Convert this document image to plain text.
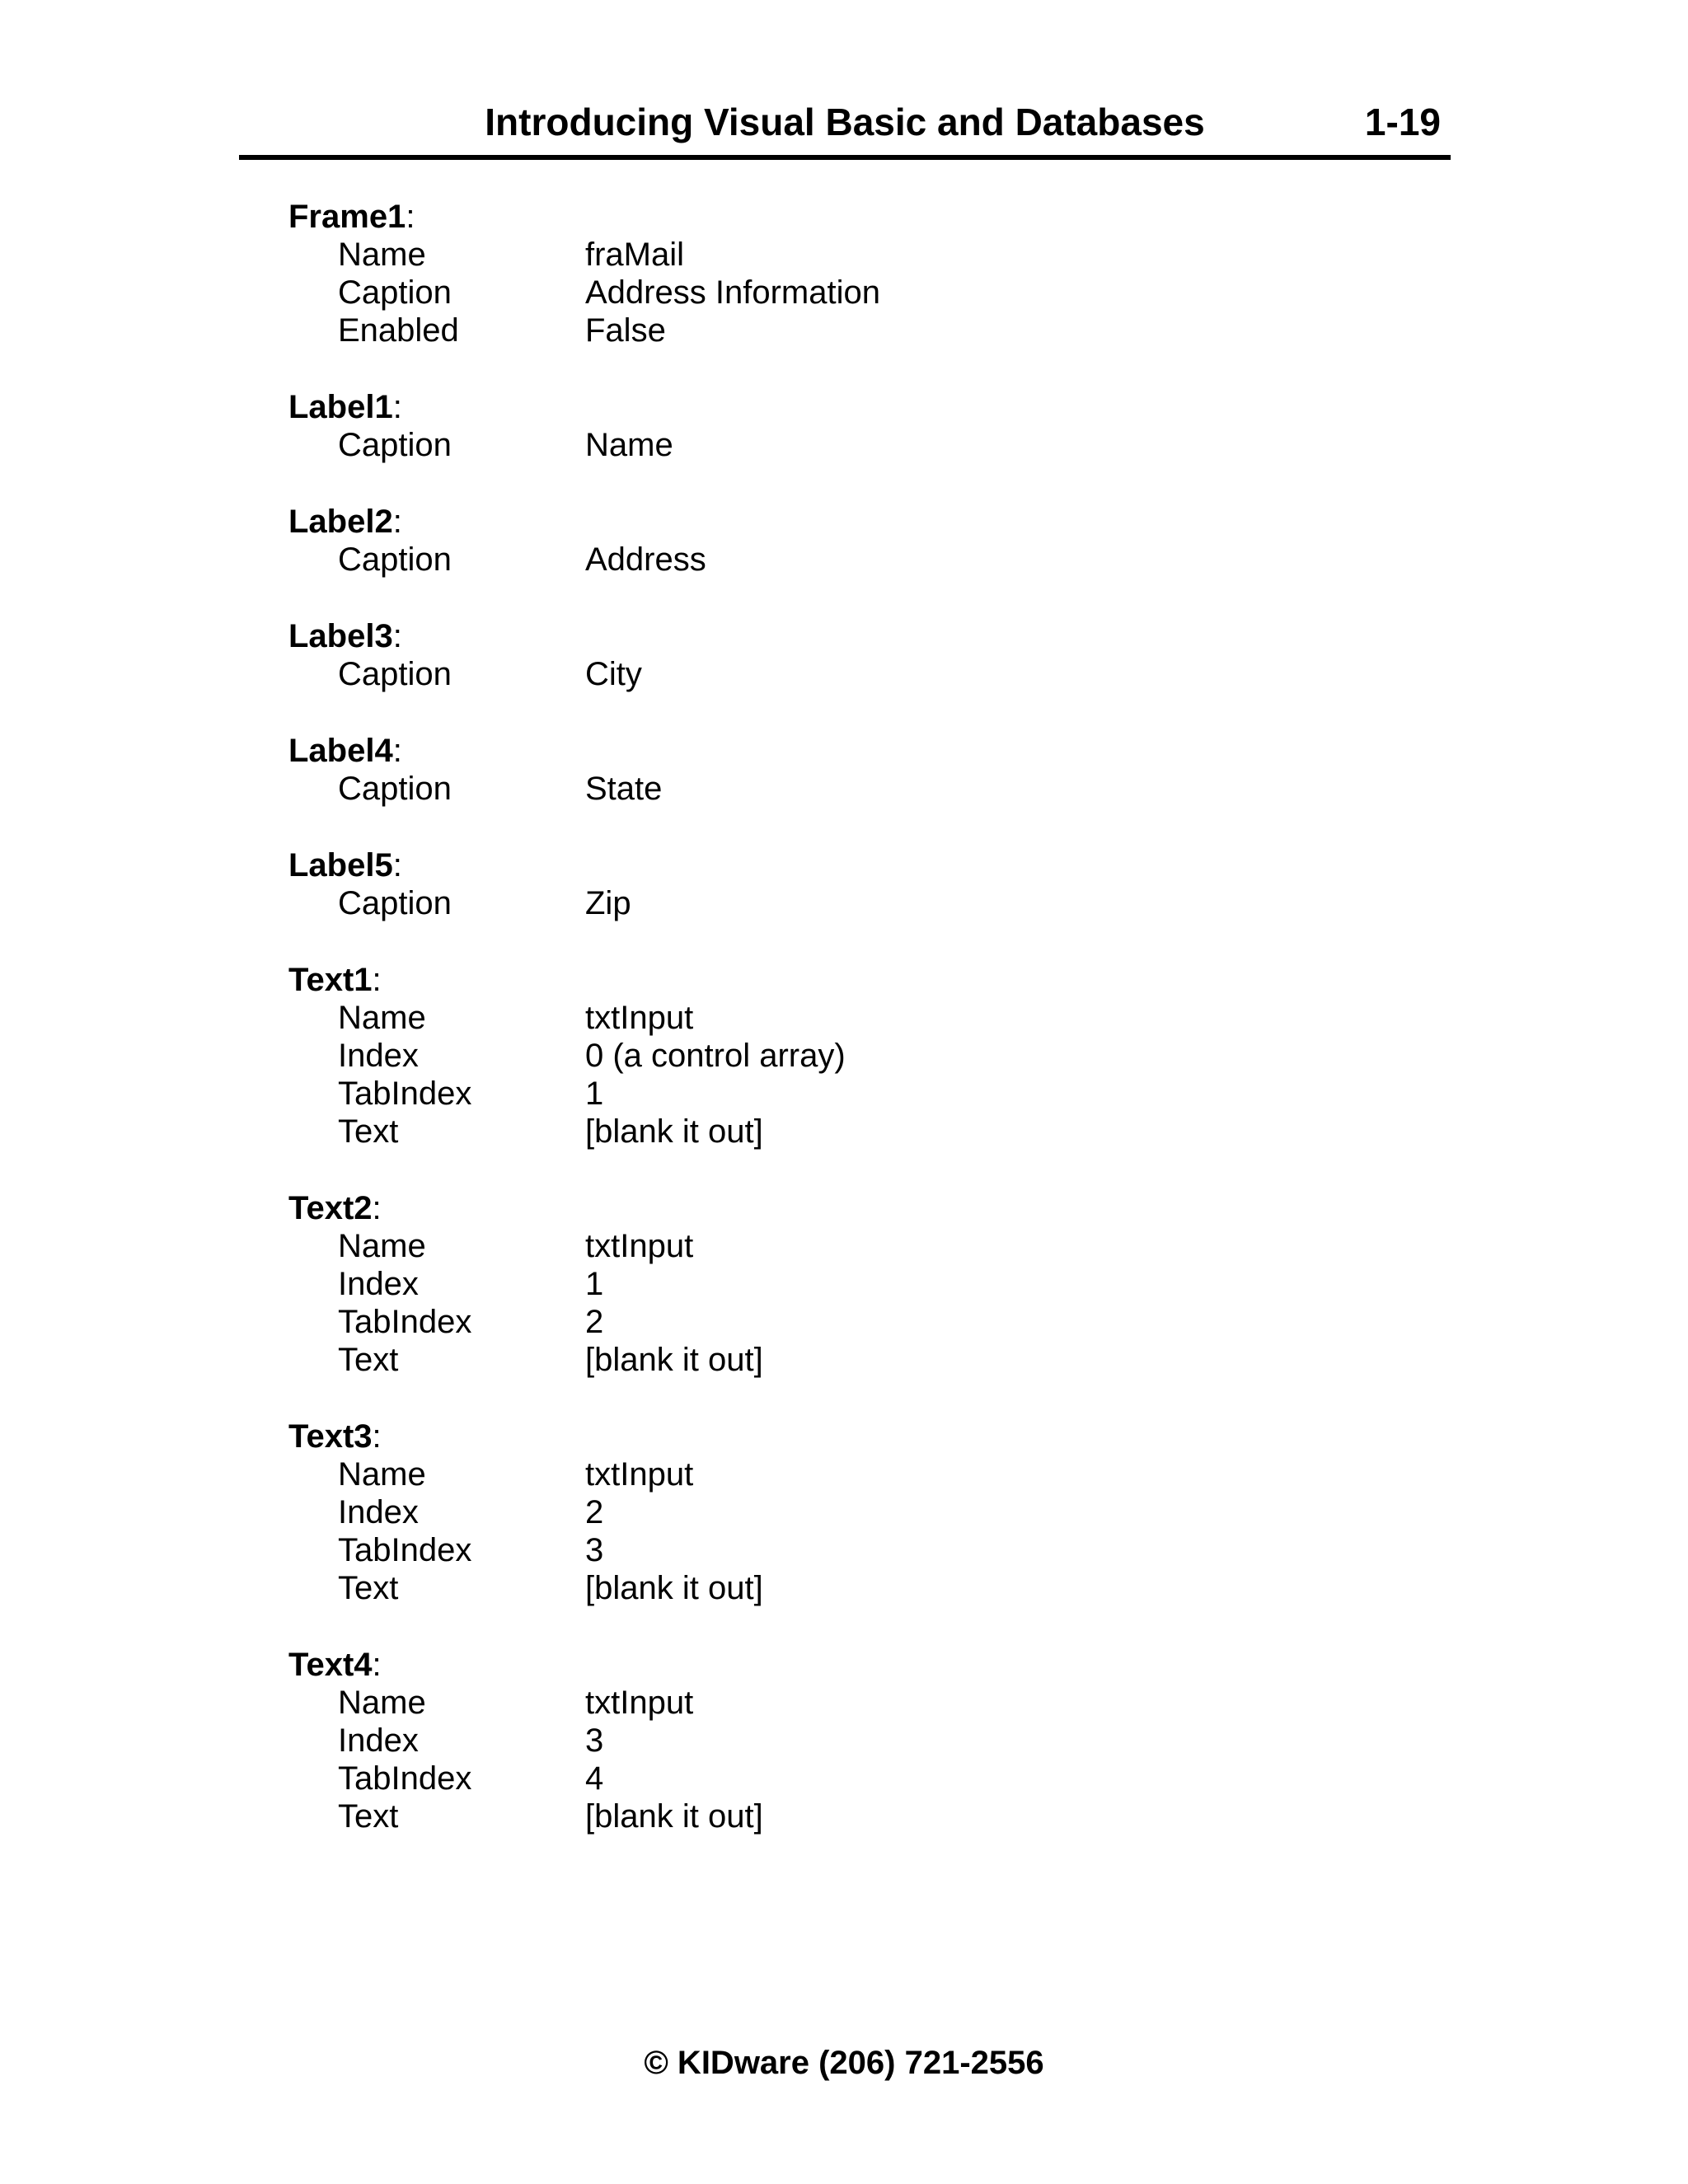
Introducing Visual Basic and Databases	1-19
Frame1:
Name	fraMail
Caption	Address Information
Enabled	False
Label1:
Caption	Name
Label2:
Caption	Address
Label3:
Caption	City
Label4:
Caption	State
Label5:
Caption	Zip
Text1:
Name	txtInput
Index	0 (a control array)
TabIndex	1
Text	[blank it out]
Text2:
Name	txtInput
Index	1
TabIndex	2
Text	[blank it out]
Text3:
Name	txtInput
Index	2
TabIndex	3
Text	[blank it out]
Text4:
Name	txtInput
Index	3
TabIndex	4
Text	[blank it out]
© KIDware (206) 721-2556
